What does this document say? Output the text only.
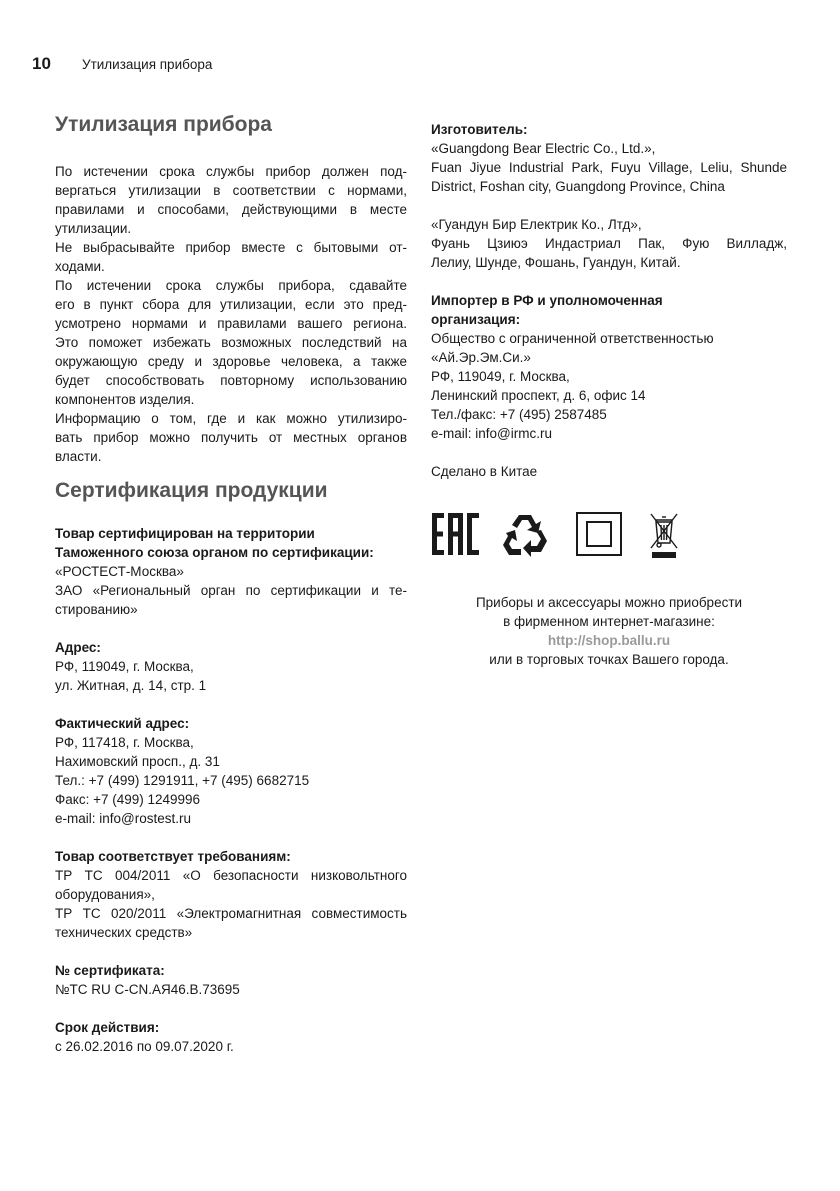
10	Утилизация прибора
Утилизация прибора
По истечении срока службы прибор должен под-
вергаться утилизации в соответствии с нормами,
правилами и способами, действующими в месте
утилизации.
Не выбрасывайте прибор вместе с бытовыми от-
ходами.
По истечении срока службы прибора, сдавайте
его в пункт сбора для утилизации, если это пред-
усмотрено нормами и правилами вашего региона.
Это поможет избежать возможных последствий на
окружающую среду и здоровье человека, а также
будет способствовать повторному использованию
компонентов изделия.
Информацию о том, где и как можно утилизиро-
вать прибор можно получить от местных органов
власти.
Сертификация продукции
Товар сертифицирован на территории
Таможенного союза органом по сертификации:
«РОСТЕСТ-Москва»
ЗАО «Региональный орган по сертификации и те-
стированию»
Адрес:
РФ, 119049, г. Москва,
ул. Житная, д. 14, стр. 1
Фактический адрес:
РФ, 117418, г. Москва,
Нахимовский просп., д. 31
Тел.: +7 (499) 1291911, +7 (495) 6682715
Факс: +7 (499) 1249996
e-mail: info@rostest.ru
Товар соответствует требованиям:
ТР ТС 004/2011 «О безопасности низковольтного
оборудования»,
ТР ТС 020/2011 «Электромагнитная совместимость
технических средств»
№ сертификата:
№ТС RU С-CN.АЯ46.В.73695
Срок действия:
с 26.02.2016 по 09.07.2020 г.
Изготовитель:
«Guangdong Bear Electric Co., Ltd.»,
Fuan Jiyue Industrial Park, Fuyu Village, Leliu, Shunde
District, Foshan city, Guangdong Province, China
«Гуандун Бир Електрик Ко., Лтд»,
Фуань Цзиюэ Индастриал Пак, Фую Вилладж,
Лелиу, Шунде, Фошань, Гуандун, Китай.
Импортер в РФ и уполномоченная
организация:
Общество с ограниченной ответственностью
«Ай.Эр.Эм.Си.»
РФ, 119049, г. Москва,
Ленинский проспект, д. 6, офис 14
Тел./факс: +7 (495) 2587485
e-mail: info@irmc.ru
Сделано в Китае
Приборы и аксессуары можно приобрести
в фирменном интернет-магазине:
http://shop.ballu.ru
или в торговых точках Вашего города.
